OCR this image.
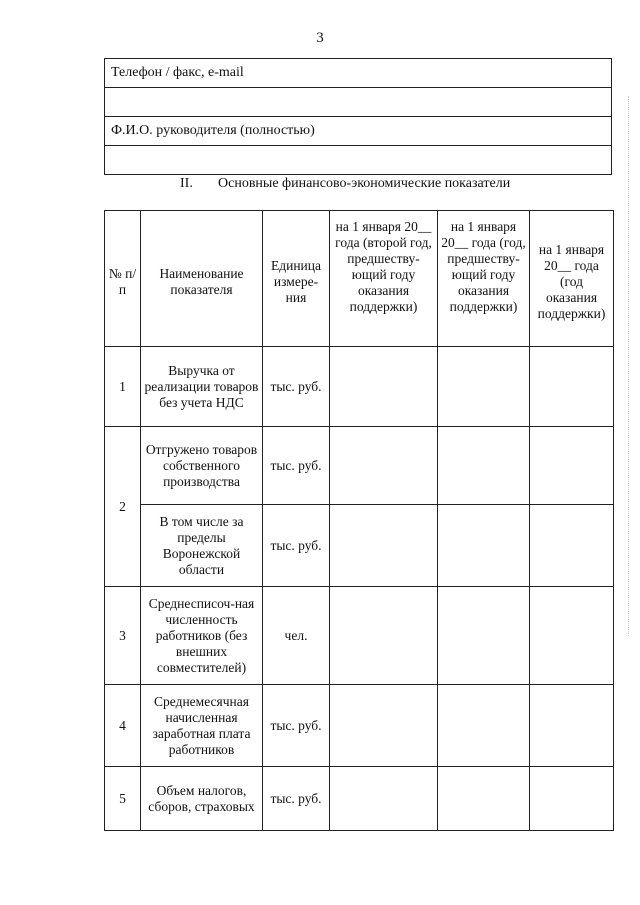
3
Телефон / факс, e-mail

Ф.И.О. руководителя (полностью)

II. Основные финансово-экономические показатели
№ п/п	Наименование показателя	Единица измере-ния	на 1 января 20__ года (второй год, предшеству-ющий году оказания поддержки)	на 1 января 20__ года (год, предшеству-ющий году оказания поддержки)	на 1 января 20__ года (год оказания поддержки)
1	Выручка от реализации товаров без учета НДС	тыс. руб.			
2	Отгружено товаров собственного производства	тыс. руб.			
	В том числе за пределы Воронежской области	тыс. руб.			
3	Среднесписоч-ная численность работников (без внешних совместителей)	чел.			
4	Среднемесячная начисленная заработная плата работников	тыс. руб.			
5	Объем налогов, сборов, страховых	тыс. руб.			
